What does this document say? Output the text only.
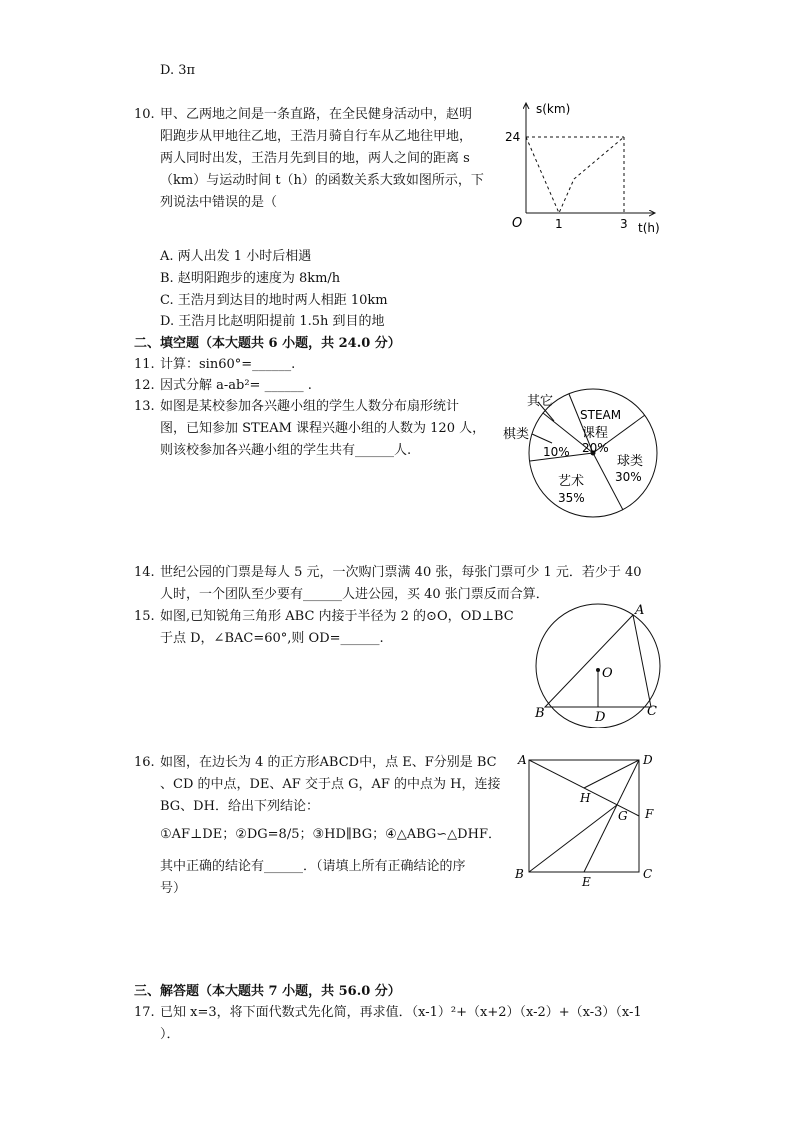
D. 3π
10. 甲、乙两地之间是一条直路，在全民健身活动中，赵明
阳跑步从甲地往乙地，王浩月骑自行车从乙地往甲地，
两人同时出发，王浩月先到目的地，两人之间的距离 s
（km）与运动时间 t（h）的函数关系大致如图所示，下
列说法中错误的是（
s(km)
24
O	1	3 t(h)
A. 两人出发 1 小时后相遇
B. 赵明阳跑步的速度为 8km/h
C. 王浩月到达目的地时两人相距 10km
D. 王浩月比赵明阳提前 1.5h 到目的地
二、填空题（本大题共 6 小题，共 24.0 分）
11. 计算：sin60°=______.
12. 因式分解 a-ab²= ______ .
13. 如图是某校参加各兴趣小组的学生人数分布扇形统计
图，已知参加 STEAM 课程兴趣小组的人数为 120 人，
则该校参加各兴趣小组的学生共有______人.
其它
棋类
10%
STEAM
课程
20%
球类
30%
艺术
35%
14. 世纪公园的门票是每人 5 元，一次购门票满 40 张，每张门票可少 1 元．若少于 40
人时，一个团队至少要有______人进公园，买 40 张门票反而合算．
15. 如图,已知锐角三角形 ABC 内接于半径为 2 的⊙O，OD⊥BC
于点 D，∠BAC=60°,则 OD=______.
A
O
B	D	C
16. 如图，在边长为 4 的正方形ABCD中，点 E、F分别是 BC
、CD 的中点，DE、AF 交于点 G，AF 的中点为 H，连接
BG、DH．给出下列结论：
①AF⊥DE；②DG=8/5；③HD∥BG；④△ABG∽△DHF．
其中正确的结论有______．（请填上所有正确结论的序
号）
A	D
H
F
G
B
E
C
三、解答题（本大题共 7 小题，共 56.0 分）
17. 已知 x=3，将下面代数式先化简，再求值．（x-1）²+（x+2）（x-2）+（x-3）（x-1
）．
